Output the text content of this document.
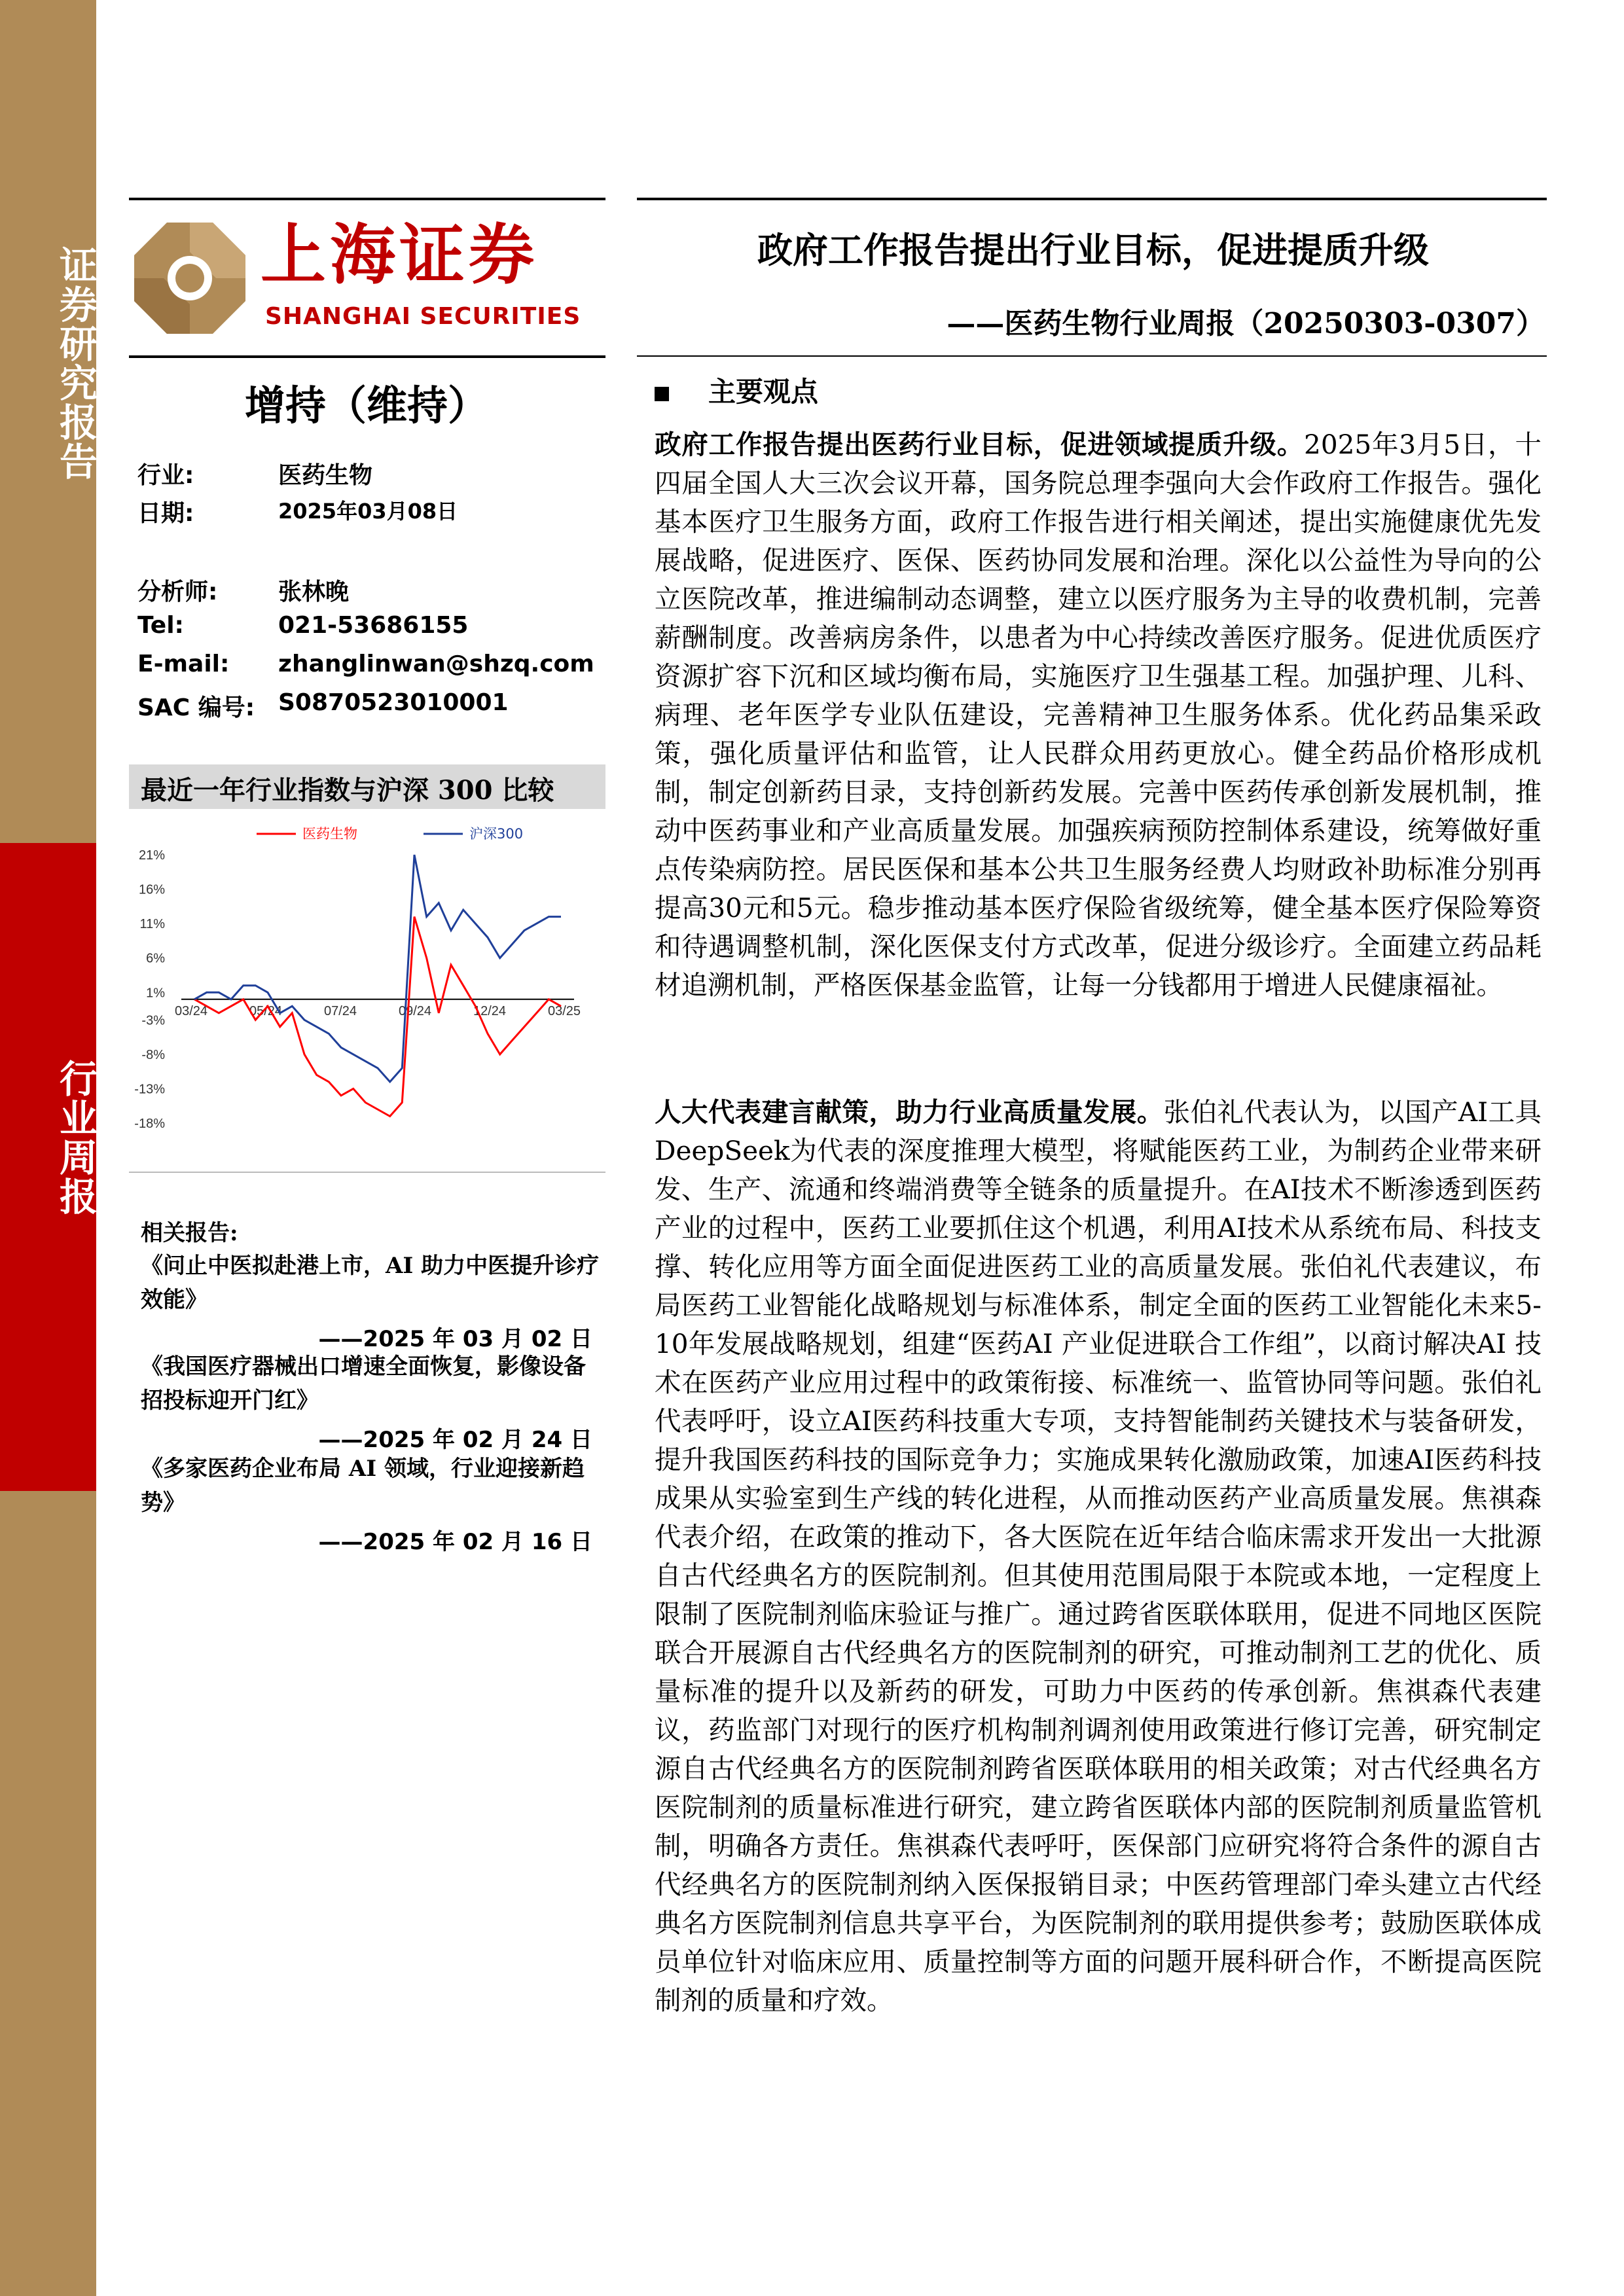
证券研究报告
行业周报
上海证券
SHANGHAI SECURITIES
政府工作报告提出行业目标，促进提质升级
——医药生物行业周报（20250303-0307）
增持（维持）
行业:	医药生物
日期:	2025年03月08日
分析师:	张林晚
Tel:	021-53686155
E-mail: zhanglinwan@shzq.com
SAC 编号: S0870523010001
最近一年行业指数与沪深 300 比较
21%
16%
11%
6%
1%
-3%
-8%
-13%
-18%
03/24	05/24	07/24	09/24	12/24	03/25
医药生物	沪深300
相关报告:
《问止中医拟赴港上市，AI 助力中医提升诊疗效能》
——2025 年 03 月 02 日
《我国医疗器械出口增速全面恢复，影像设备招投标迎开门红》
——2025 年 02 月 24 日
《多家医药企业布局 AI 领域，行业迎接新趋势》
——2025 年 02 月 16 日
主要观点
政府工作报告提出医药行业目标，促进领域提质升级。2025年3月5日，十四届全国人大三次会议开幕，国务院总理李强向大会作政府工作报告。强化基本医疗卫生服务方面，政府工作报告进行相关阐述，提出实施健康优先发展战略，促进医疗、医保、医药协同发展和治理。深化以公益性为导向的公立医院改革，推进编制动态调整，建立以医疗服务为主导的收费机制，完善薪酬制度。改善病房条件，以患者为中心持续改善医疗服务。促进优质医疗资源扩容下沉和区域均衡布局，实施医疗卫生强基工程。加强护理、儿科、病理、老年医学专业队伍建设，完善精神卫生服务体系。优化药品集采政策，强化质量评估和监管，让人民群众用药更放心。健全药品价格形成机制，制定创新药目录，支持创新药发展。完善中医药传承创新发展机制，推动中医药事业和产业高质量发展。加强疾病预防控制体系建设，统筹做好重点传染病防控。居民医保和基本公共卫生服务经费人均财政补助标准分别再提高30元和5元。稳步推动基本医疗保险省级统筹，健全基本医疗保险筹资和待遇调整机制，深化医保支付方式改革，促进分级诊疗。全面建立药品耗材追溯机制，严格医保基金监管，让每一分钱都用于增进人民健康福祉。
人大代表建言献策，助力行业高质量发展。张伯礼代表认为，以国产AI工具DeepSeek为代表的深度推理大模型，将赋能医药工业，为制药企业带来研发、生产、流通和终端消费等全链条的质量提升。在AI技术不断渗透到医药产业的过程中，医药工业要抓住这个机遇，利用AI技术从系统布局、科技支撑、转化应用等方面全面促进医药工业的高质量发展。张伯礼代表建议，布局医药工业智能化战略规划与标准体系，制定全面的医药工业智能化未来5-10年发展战略规划，组建“医药AI 产业促进联合工作组”，以商讨解决AI 技术在医药产业应用过程中的政策衔接、标准统一、监管协同等问题。张伯礼代表呼吁，设立AI医药科技重大专项，支持智能制药关键技术与装备研发，提升我国医药科技的国际竞争力；实施成果转化激励政策，加速AI医药科技成果从实验室到生产线的转化进程，从而推动医药产业高质量发展。焦祺森代表介绍，在政策的推动下，各大医院在近年结合临床需求开发出一大批源自古代经典名方的医院制剂。但其使用范围局限于本院或本地，一定程度上限制了医院制剂临床验证与推广。通过跨省医联体联用，促进不同地区医院联合开展源自古代经典名方的医院制剂的研究，可推动制剂工艺的优化、质量标准的提升以及新药的研发，可助力中医药的传承创新。焦祺森代表建议，药监部门对现行的医疗机构制剂调剂使用政策进行修订完善，研究制定源自古代经典名方的医院制剂跨省医联体联用的相关政策；对古代经典名方医院制剂的质量标准进行研究，建立跨省医联体内部的医院制剂质量监管机制，明确各方责任。焦祺森代表呼吁，医保部门应研究将符合条件的源自古代经典名方的医院制剂纳入医保报销目录；中医药管理部门牵头建立古代经典名方医院制剂信息共享平台，为医院制剂的联用提供参考；鼓励医联体成员单位针对临床应用、质量控制等方面的问题开展科研合作，不断提高医院制剂的质量和疗效。
